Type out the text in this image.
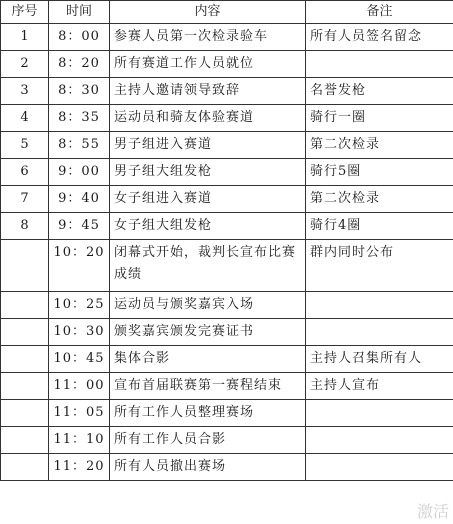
序号	时间	内容	备注
1	8：00	参赛人员第一次检录验车	所有人员签名留念
2	8：20	所有赛道工作人员就位	
3	8：30	主持人邀请领导致辞	名誉发枪
4	8：35	运动员和骑友体验赛道	骑行一圈
5	8：55	男子组进入赛道	第二次检录
6	9：00	男子组大组发枪	骑行5圈
7	9：40	女子组进入赛道	第二次检录
8	9：45	女子组大组发枪	骑行4圈
	10：20	闭幕式开始，裁判长宣布比赛成绩	群内同时公布
	10：25	运动员与颁奖嘉宾入场	
	10：30	颁奖嘉宾颁发完赛证书	
	10：45	集体合影	主持人召集所有人
	11：00	宣布首届联赛第一赛程结束	主持人宣布
	11：05	所有工作人员整理赛场	
	11：10	所有工作人员合影	
	11：20	所有人员撤出赛场	
激活
